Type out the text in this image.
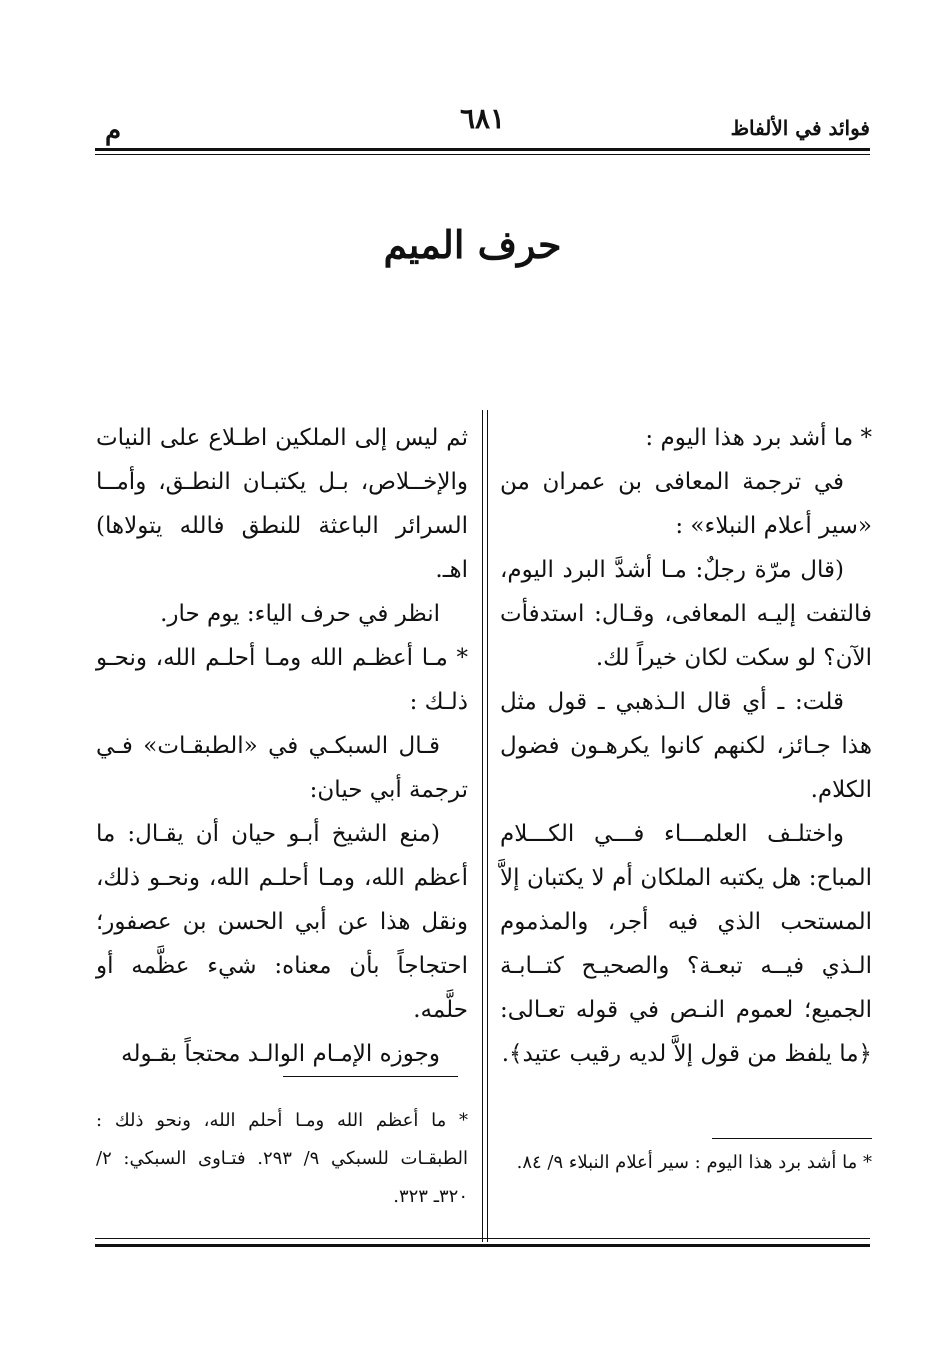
فوائد في الألفاظ
٦٨١
م
حرف الميم

* ما أشد برد هذا اليوم :

في ترجمة المعافى بن عمران من «سير أعلام النبلاء» :

(قال مرّة رجلٌ: مـا أشدَّ البرد اليوم، فالتفت إليـه المعافى، وقـال: استدفأت الآن؟ لو سكت لكان خيراً لك.

قلت: ـ أي قال الـذهبي ـ قول مثل هذا جـائز، لكنهم كانوا يكرهـون فضول الكلام.

واختلـف العلمـــاء فـــي الكـــلام المباح: هل يكتبه الملكان أم لا يكتبان إلاَّ المستحب الذي فيه أجر، والمذموم الـذي فيــه تبعـة؟ والصحيـح كتــابـة الجميع؛ لعموم النـص في قوله تعـالى: ﴿ما يلفظ من قول إلاَّ لديه رقيب عتيد﴾.

ثم ليس إلى الملكين اطـلاع على النيات والإخــلاص، بـل يكتبـان النطـق، وأمــا السرائر الباعثة للنطق فالله يتولاها) اهـ.

انظر في حرف الياء: يوم حار.

* مـا أعظـم الله ومـا أحلـم الله، ونحـو ذلـك :

قـال السبكـي في «الطبقـات» فـي ترجمة أبي حيان:

(منع الشيخ أبـو حيان أن يقـال: ما أعظم الله، ومـا أحلـم الله، ونحـو ذلك، ونقل هذا عن أبي الحسن بن عصفور؛ احتجاجاً بأن معناه: شيء عظَّمه أو حلَّمه.

وجوزه الإمـام الوالـد محتجاً بقـوله

* ما أشد برد هذا اليوم : سير أعلام النبلاء ٩/ ٨٤.
* ما أعظم الله ومـا أحلم الله، ونحو ذلك : الطبقـات للسبكي ٩/ ٢٩٣. فتـاوى السبكي: ٢/ ٣٢٠ـ ٣٢٣.
